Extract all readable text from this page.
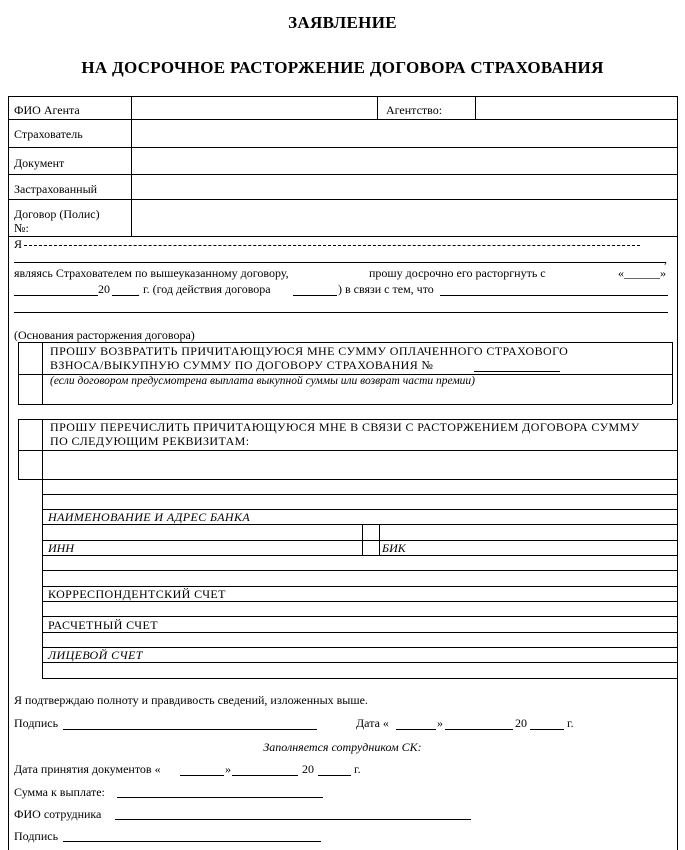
ЗАЯВЛЕНИЕ
НА ДОСРОЧНОЕ РАСТОРЖЕНИЕ ДОГОВОРА СТРАХОВАНИЯ
ФИО Агента	Агентство:
Страхователь
Документ
Застрахованный
Договор (Полис)
№:
Я
,
являясь Страхователем по вышеуказанному договору,	прошу досрочно его расторгнуть с	«______»
20	г. (год действия договора	) в связи с тем, что
(Основания расторжения договора)
ПРОШУ ВОЗВРАТИТЬ ПРИЧИТАЮЩУЮСЯ МНЕ СУММУ ОПЛАЧЕННОГО СТРАХОВОГО
ВЗНОСА/ВЫКУПНУЮ СУММУ ПО ДОГОВОРУ СТРАХОВАНИЯ №
(если договором предусмотрена выплата выкупной суммы или возврат части премии)
ПРОШУ ПЕРЕЧИСЛИТЬ ПРИЧИТАЮЩУЮСЯ МНЕ В СВЯЗИ С РАСТОРЖЕНИЕМ ДОГОВОРА СУММУ
ПО СЛЕДУЮЩИМ РЕКВИЗИТАМ:
НАИМЕНОВАНИЕ И АДРЕС БАНКА
ИНН	БИК
КОРРЕСПОНДЕНТСКИЙ СЧЕТ
РАСЧЕТНЫЙ СЧЕТ
ЛИЦЕВОЙ СЧЕТ
Я подтверждаю полноту и правдивость сведений, изложенных выше.
Подпись	Дата «	»	20	г.
Заполняется сотрудником СК:
Дата принятия документов «	»	20	г.
Сумма к выплате:
ФИО сотрудника
Подпись
